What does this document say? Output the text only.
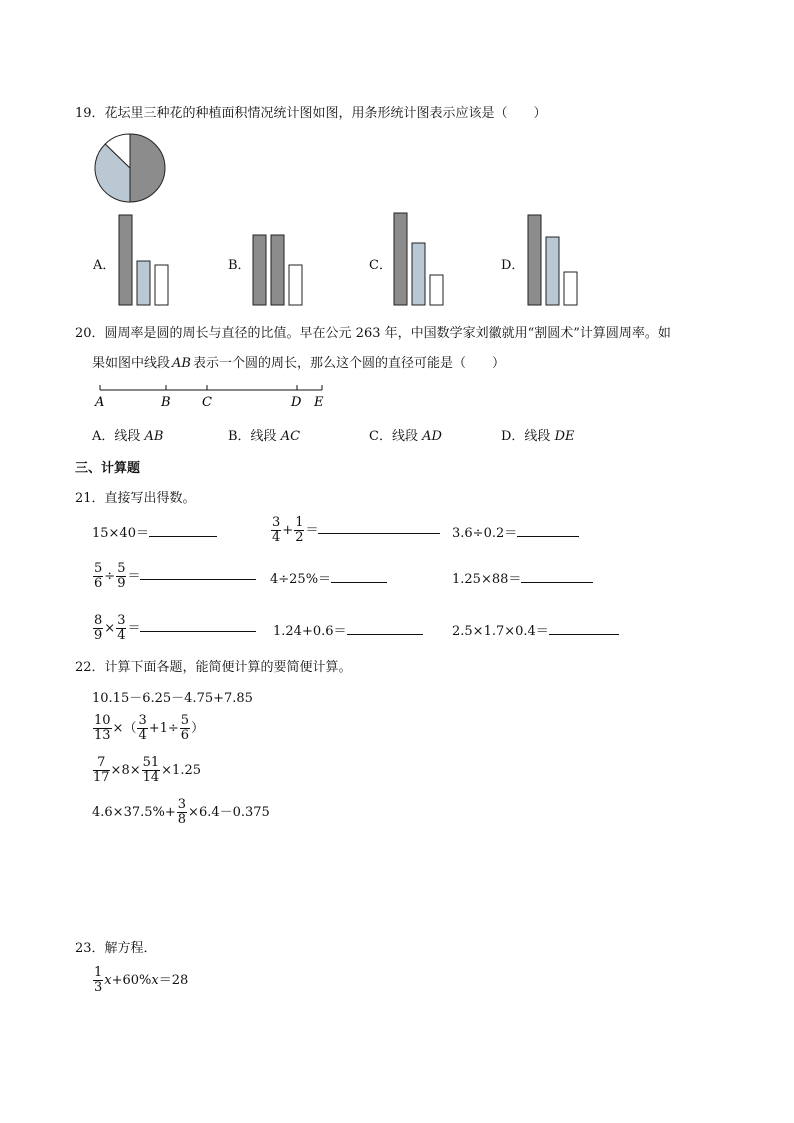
19．花坛里三种花的种植面积情况统计图如图，用条形统计图表示应该是（　　）
A．	B．	C．	D．
20．圆周率是圆的周长与直径的比值。早在公元 263 年，中国数学家刘徽就用“割圆术”计算圆周率。如
果如图中线段 AB 表示一个圆的周长，那么这个圆的直径可能是（　　）
A	B C	D E
A．线段 AB	B．线段 AC	C．线段 AD	D．线段 DE
三、计算题
21．直接写出得数。
15×40＝	$\frac{3}{4} + \frac{1}{2}$ ＝	3.6÷0.2＝
$\frac{5}{6} \div \frac{5}{9}$ ＝	4÷25%＝	1.25×88＝
$\frac{8}{9} \times \frac{3}{4}$ ＝	1.24+0.6＝	2.5×1.7×0.4＝
22．计算下面各题，能简便计算的要简便计算。
10.15－6.25－4.75+7.85
$\frac{10}{13}$ ×（ $\frac{3}{4} +1\div \frac{5}{6}$ ）
$\frac{7}{17} \times 8\times \frac{51}{14} \times 1.25$
$4.6\times 37.5\%+ \frac{3}{8} \times 6.4-0.375$
23．解方程．
$\frac{1}{3} x+60\%x=28$
